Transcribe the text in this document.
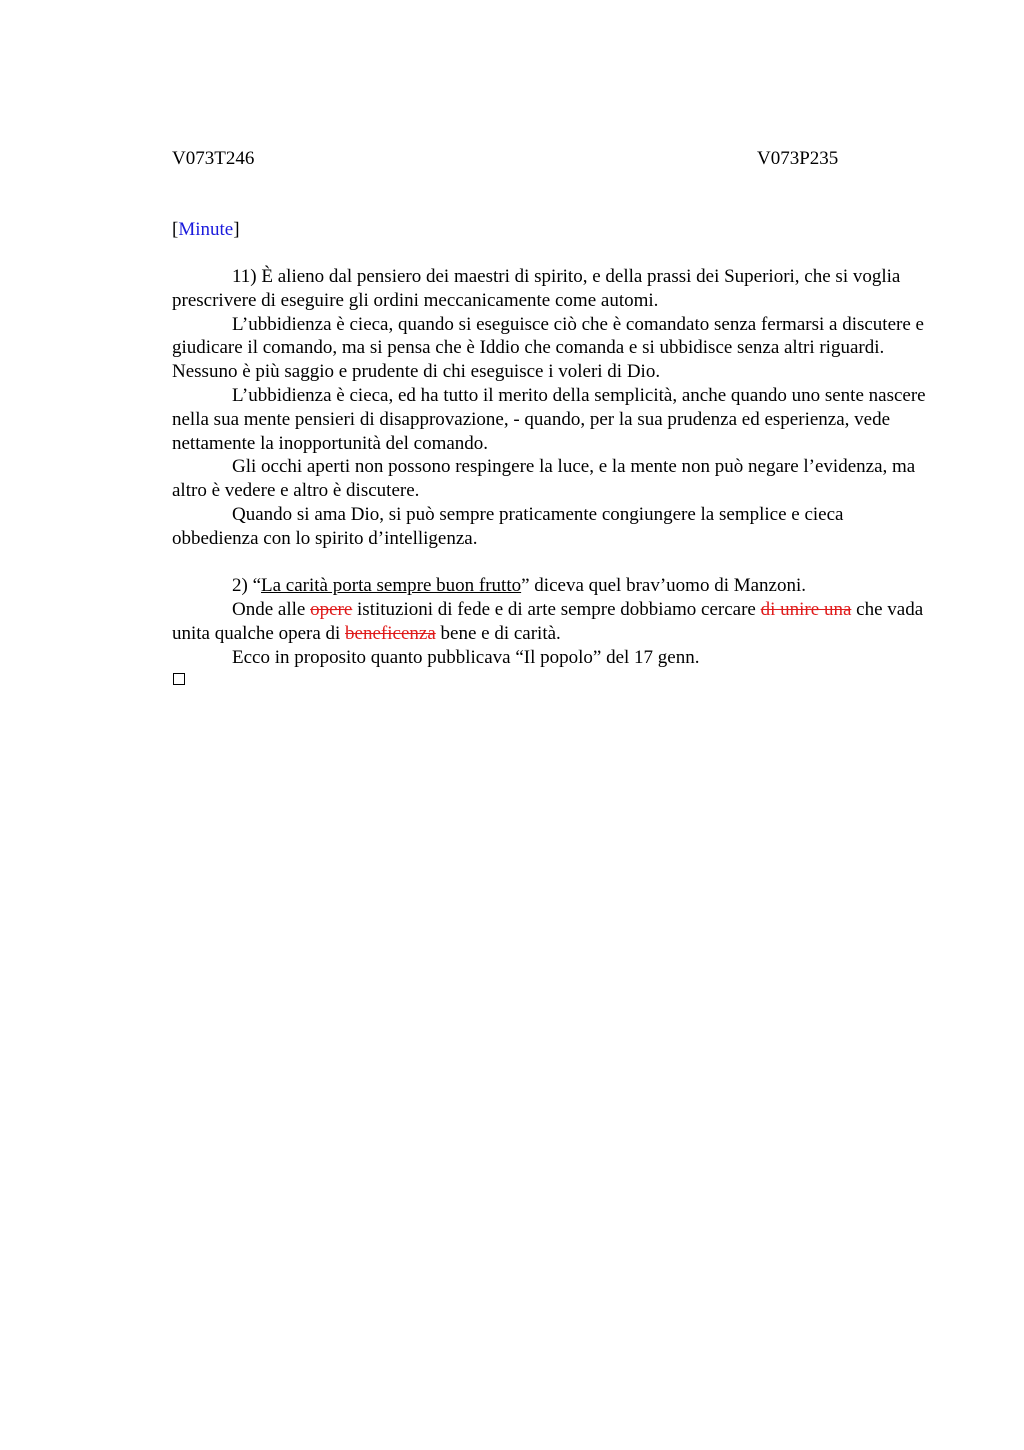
V073T246	V073P235
[Minute]

11) È alieno dal pensiero dei maestri di spirito, e della prassi dei Superiori, che si voglia prescrivere di eseguire gli ordini meccanicamente come automi.

L’ubbidienza è cieca, quando si eseguisce ciò che è comandato senza fermarsi a discutere e giudicare il comando, ma si pensa che è Iddio che comanda e si ubbidisce senza altri riguardi. Nessuno è più saggio e prudente di chi eseguisce i voleri di Dio.

L’ubbidienza è cieca, ed ha tutto il merito della semplicità, anche quando uno sente nascere nella sua mente pensieri di disapprovazione, - quando, per la sua prudenza ed esperienza, vede nettamente la inopportunità del comando.

Gli occhi aperti non possono respingere la luce, e la mente non può negare l’evidenza, ma altro è vedere e altro è discutere.

Quando si ama Dio, si può sempre praticamente congiungere la semplice e cieca obbedienza con lo spirito d’intelligenza.

2) “La carità porta sempre buon frutto” diceva quel brav’uomo di Manzoni.

Onde alle opere istituzioni di fede e di arte sempre dobbiamo cercare di unire una che vada unita qualche opera di beneficenza bene e di carità.

Ecco in proposito quanto pubblicava “Il popolo” del 17 genn.
